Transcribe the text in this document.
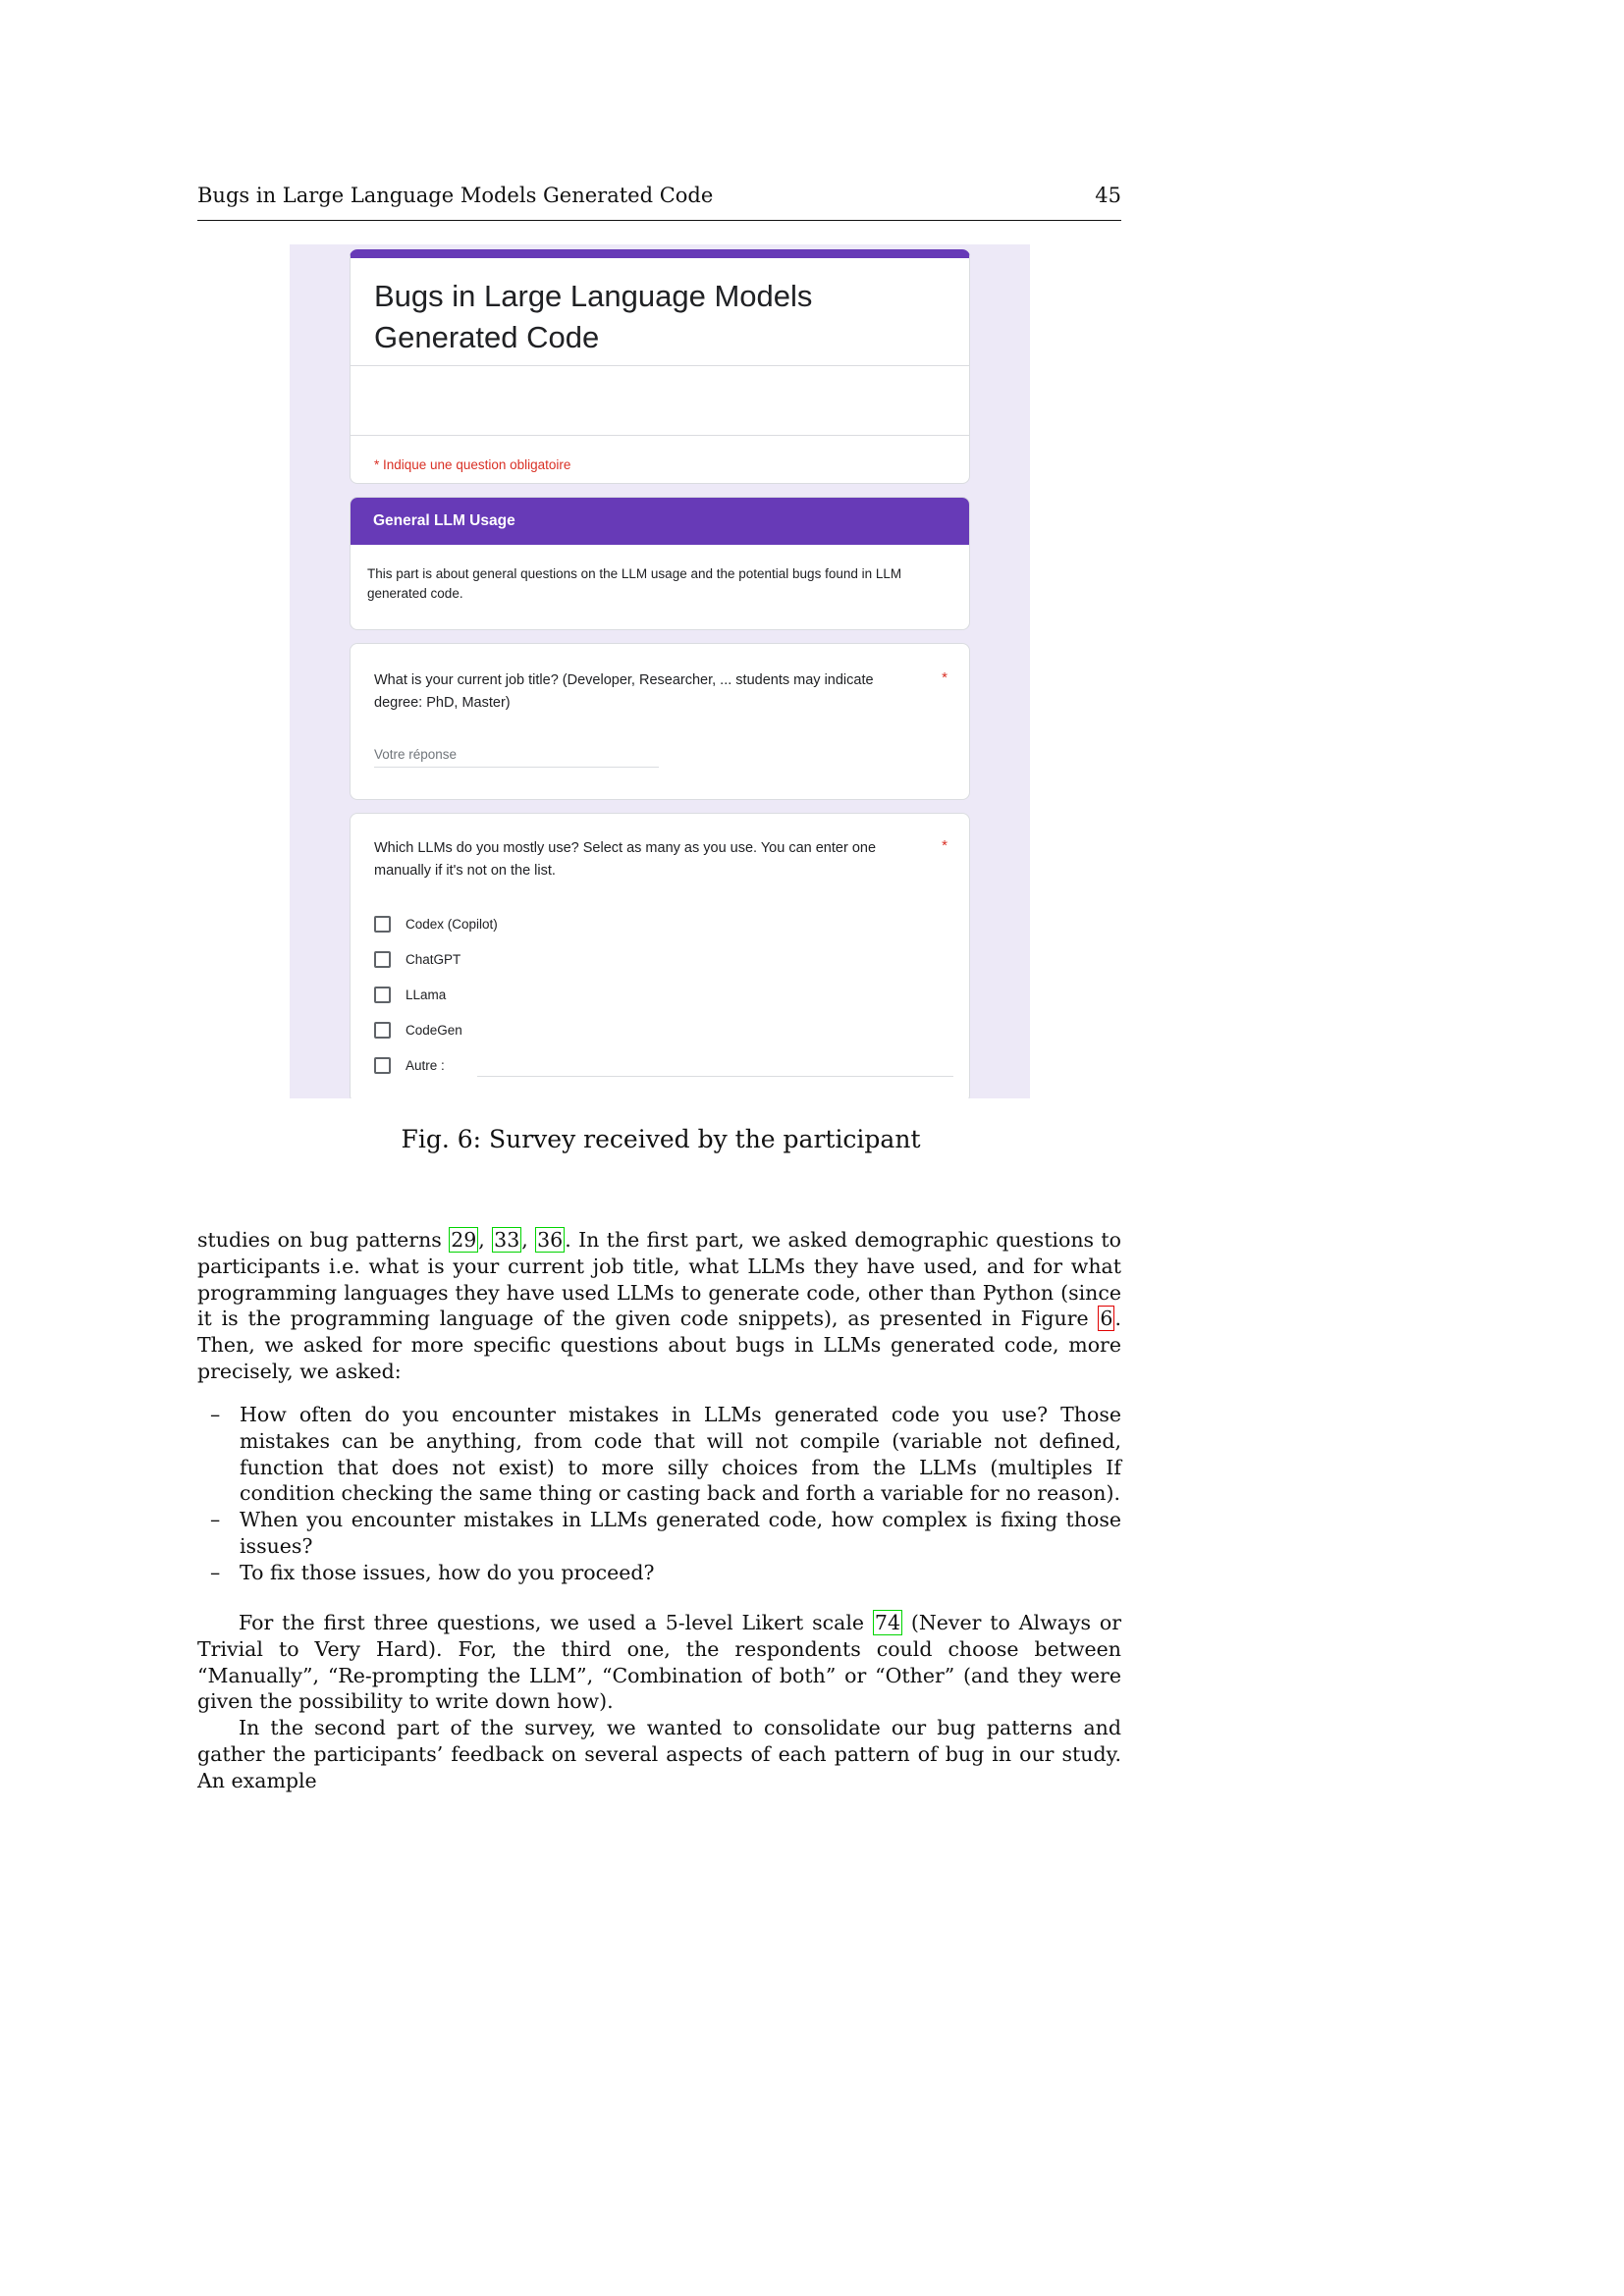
Bugs in Large Language Models Generated Code	45
Bugs in Large Language Models Generated Code
* Indique une question obligatoire
General LLM Usage
This part is about general questions on the LLM usage and the potential bugs found in LLM generated code.
What is your current job title? (Developer, Researcher, ... students may indicate degree: PhD, Master)
*
Votre réponse
Which LLMs do you mostly use? Select as many as you use. You can enter one manually if it's not on the list.
*
Codex (Copilot)
ChatGPT
LLama
CodeGen
Autre :
Fig. 6: Survey received by the participant

studies on bug patterns 29, 33, 36. In the first part, we asked demographic questions to participants i.e. what is your current job title, what LLMs they have used, and for what programming languages they have used LLMs to generate code, other than Python (since it is the programming language of the given code snippets), as presented in Figure 6. Then, we asked for more specific questions about bugs in LLMs generated code, more precisely, we asked:

– How often do you encounter mistakes in LLMs generated code you use? Those mistakes can be anything, from code that will not compile (variable not defined, function that does not exist) to more silly choices from the LLMs (multiples If condition checking the same thing or casting back and forth a variable for no reason).
– When you encounter mistakes in LLMs generated code, how complex is fixing those issues?
– To fix those issues, how do you proceed?

For the first three questions, we used a 5-level Likert scale 74 (Never to Always or Trivial to Very Hard). For, the third one, the respondents could choose between “Manually”, “Re-prompting the LLM”, “Combination of both” or “Other” (and they were given the possibility to write down how).

In the second part of the survey, we wanted to consolidate our bug patterns and gather the participants’ feedback on several aspects of each pattern of bug in our study. An example
